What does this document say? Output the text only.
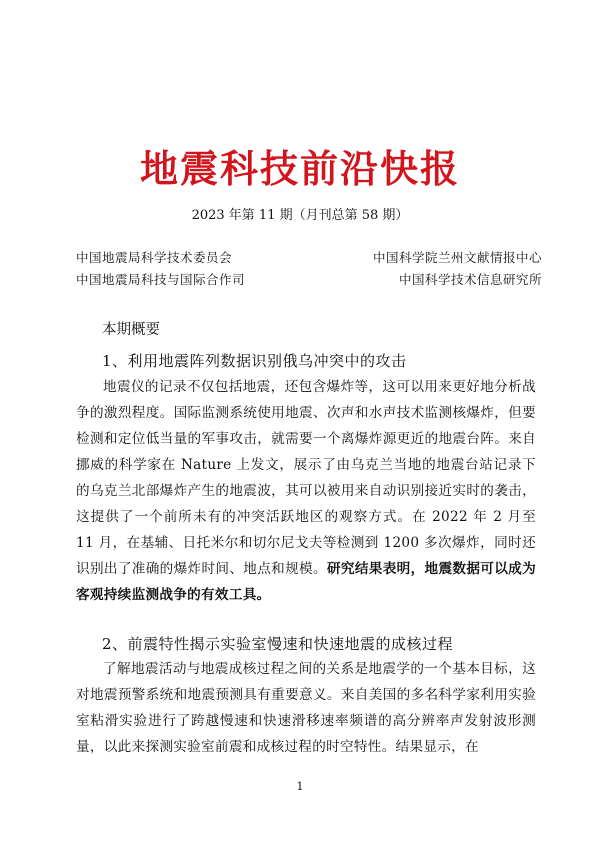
地震科技前沿快报
2023 年第 11 期（月刊总第 58 期）
中国地震局科学技术委员会
中国地震局科技与国际合作司
中国科学院兰州文献情报中心
中国科学技术信息研究所
本期概要
1、利用地震阵列数据识别俄乌冲突中的攻击
地震仪的记录不仅包括地震，还包含爆炸等，这可以用来更好地分析战争的激烈程度。国际监测系统使用地震、次声和水声技术监测核爆炸，但要检测和定位低当量的军事攻击，就需要一个离爆炸源更近的地震台阵。来自挪威的科学家在 Nature 上发文，展示了由乌克兰当地的地震台站记录下的乌克兰北部爆炸产生的地震波，其可以被用来自动识别接近实时的袭击，这提供了一个前所未有的冲突活跃地区的观察方式。在 2022 年 2 月至 11 月，在基辅、日托米尔和切尔尼戈夫等检测到 1200 多次爆炸，同时还识别出了准确的爆炸时间、地点和规模。研究结果表明，地震数据可以成为客观持续监测战争的有效工具。
2、前震特性揭示实验室慢速和快速地震的成核过程
了解地震活动与地震成核过程之间的关系是地震学的一个基本目标，这对地震预警系统和地震预测具有重要意义。来自美国的多名科学家利用实验室粘滑实验进行了跨越慢速和快速滑移速率频谱的高分辨率声发射波形测量，以此来探测实验室前震和成核过程的时空特性。结果显示，在
1
